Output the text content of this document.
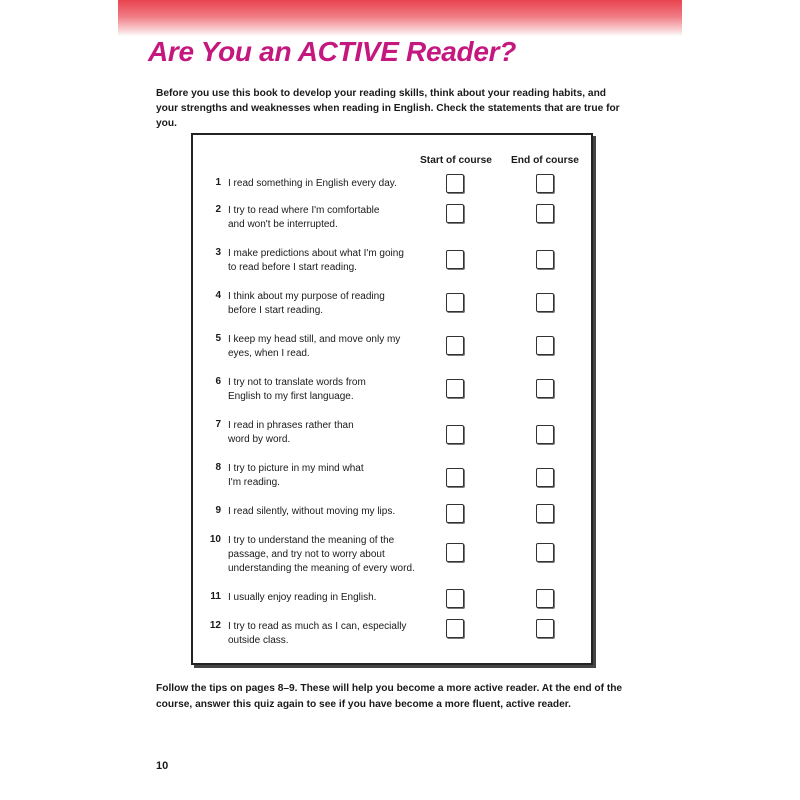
Are You an ACTIVE Reader?

Before you use this book to develop your reading skills, think about your reading habits, and your strengths and weaknesses when reading in English. Check the statements that are true for you.

Start of course End of course
1 I read something in English every day.
2 I try to read where I'm comfortable and won't be interrupted.
3 I make predictions about what I'm going to read before I start reading.
4 I think about my purpose of reading before I start reading.
5 I keep my head still, and move only my eyes, when I read.
6 I try not to translate words from English to my first language.
7 I read in phrases rather than word by word.
8 I try to picture in my mind what I'm reading.
9 I read silently, without moving my lips.
10 I try to understand the meaning of the passage, and try not to worry about understanding the meaning of every word.
11 I usually enjoy reading in English.
12 I try to read as much as I can, especially outside class.

Follow the tips on pages 8–9. These will help you become a more active reader. At the end of the course, answer this quiz again to see if you have become a more fluent, active reader.

10
